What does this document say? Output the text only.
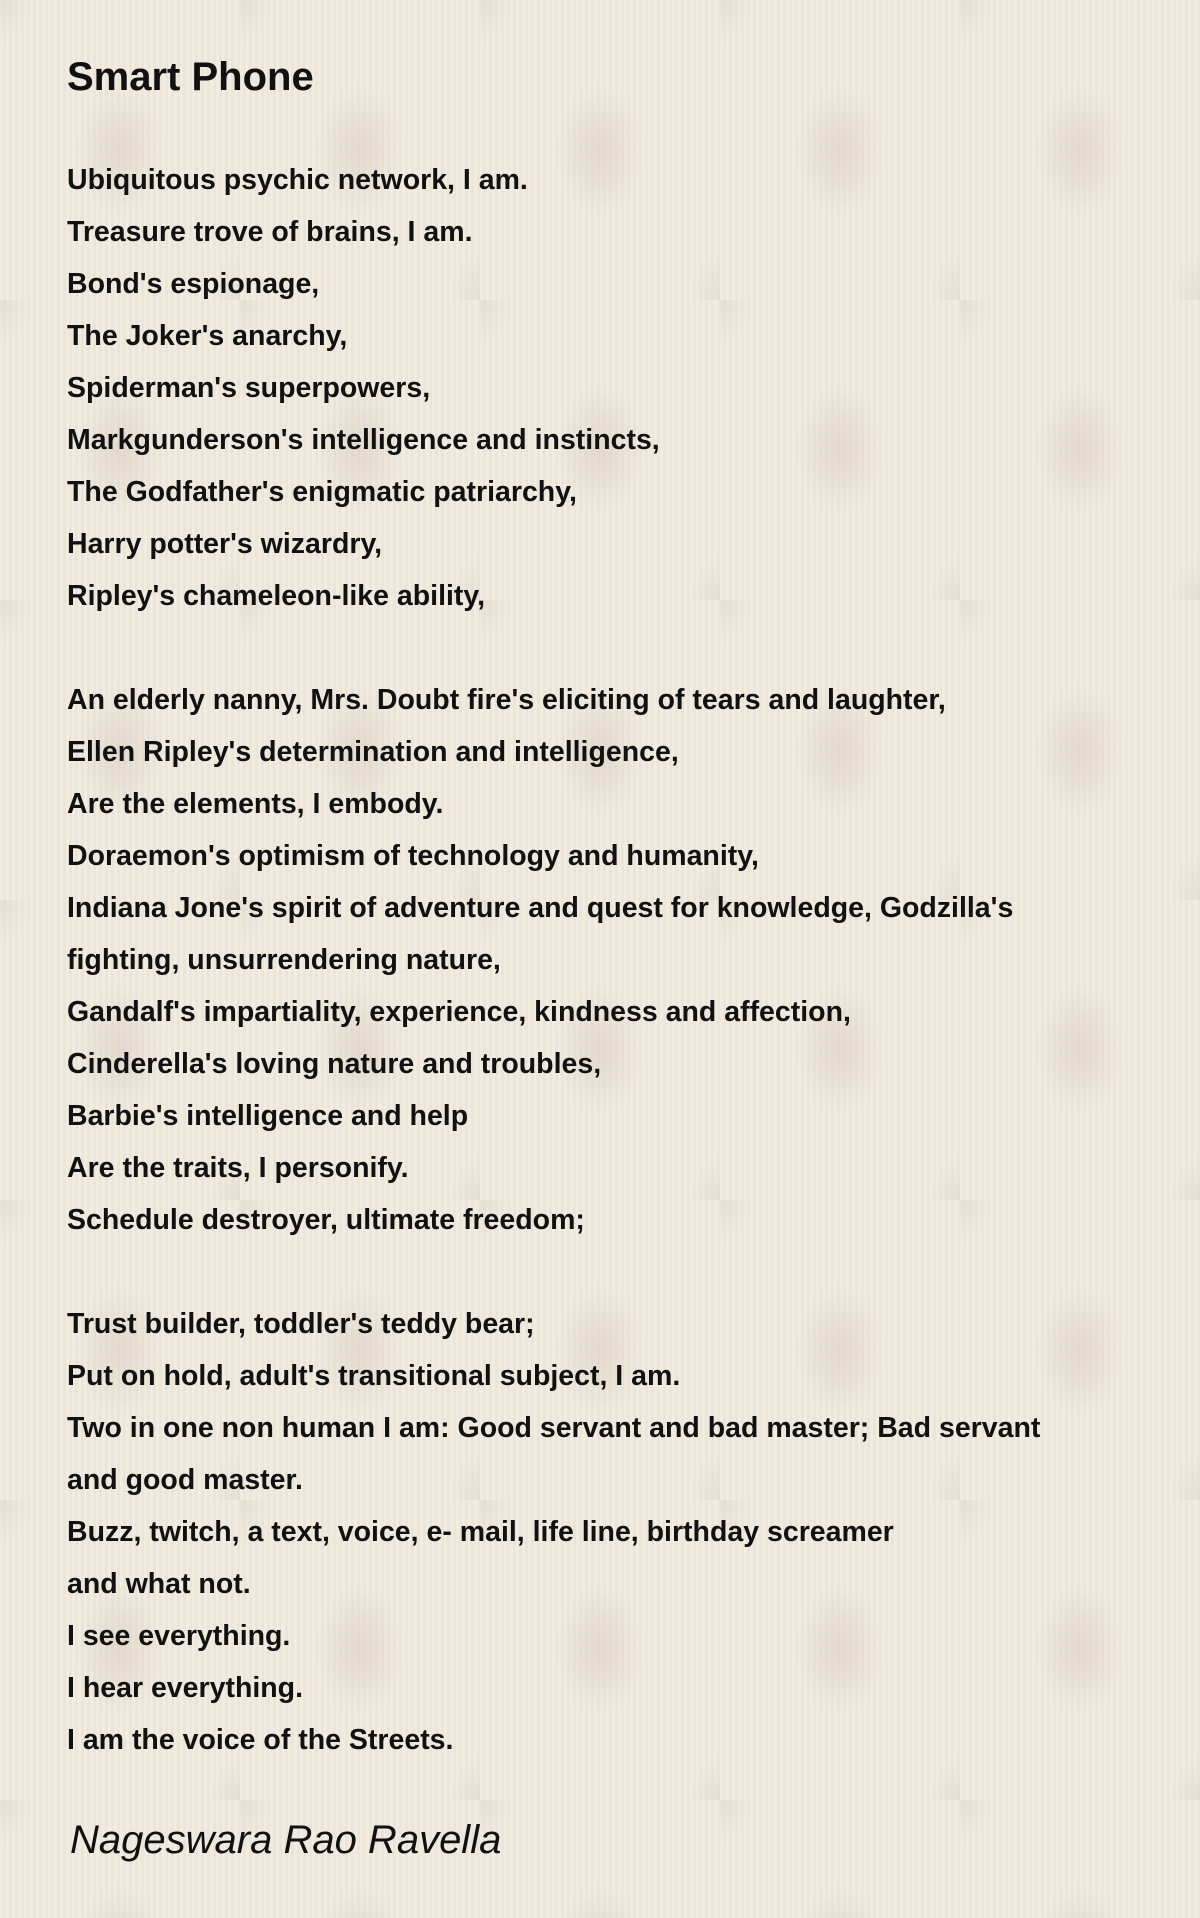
Smart Phone
Ubiquitous psychic network, I am.
Treasure trove of brains, I am.
Bond's espionage,
The Joker's anarchy,
Spiderman's superpowers,
Markgunderson's intelligence and instincts,
The Godfather's enigmatic patriarchy,
Harry potter's wizardry,
Ripley's chameleon-like ability,
An elderly nanny, Mrs. Doubt fire's eliciting of tears and laughter,
Ellen Ripley's determination and intelligence,
Are the elements, I embody.
Doraemon's optimism of technology and humanity,
Indiana Jone's spirit of adventure and quest for knowledge, Godzilla's
fighting, unsurrendering nature,
Gandalf's impartiality, experience, kindness and affection,
Cinderella's loving nature and troubles,
Barbie's intelligence and help
Are the traits, I personify.
Schedule destroyer, ultimate freedom;
Trust builder, toddler's teddy bear;
Put on hold, adult's transitional subject, I am.
Two in one non human I am: Good servant and bad master; Bad servant
and good master.
Buzz, twitch, a text, voice, e- mail, life line, birthday screamer
and what not.
I see everything.
I hear everything.
I am the voice of the Streets.
Nageswara Rao Ravella
